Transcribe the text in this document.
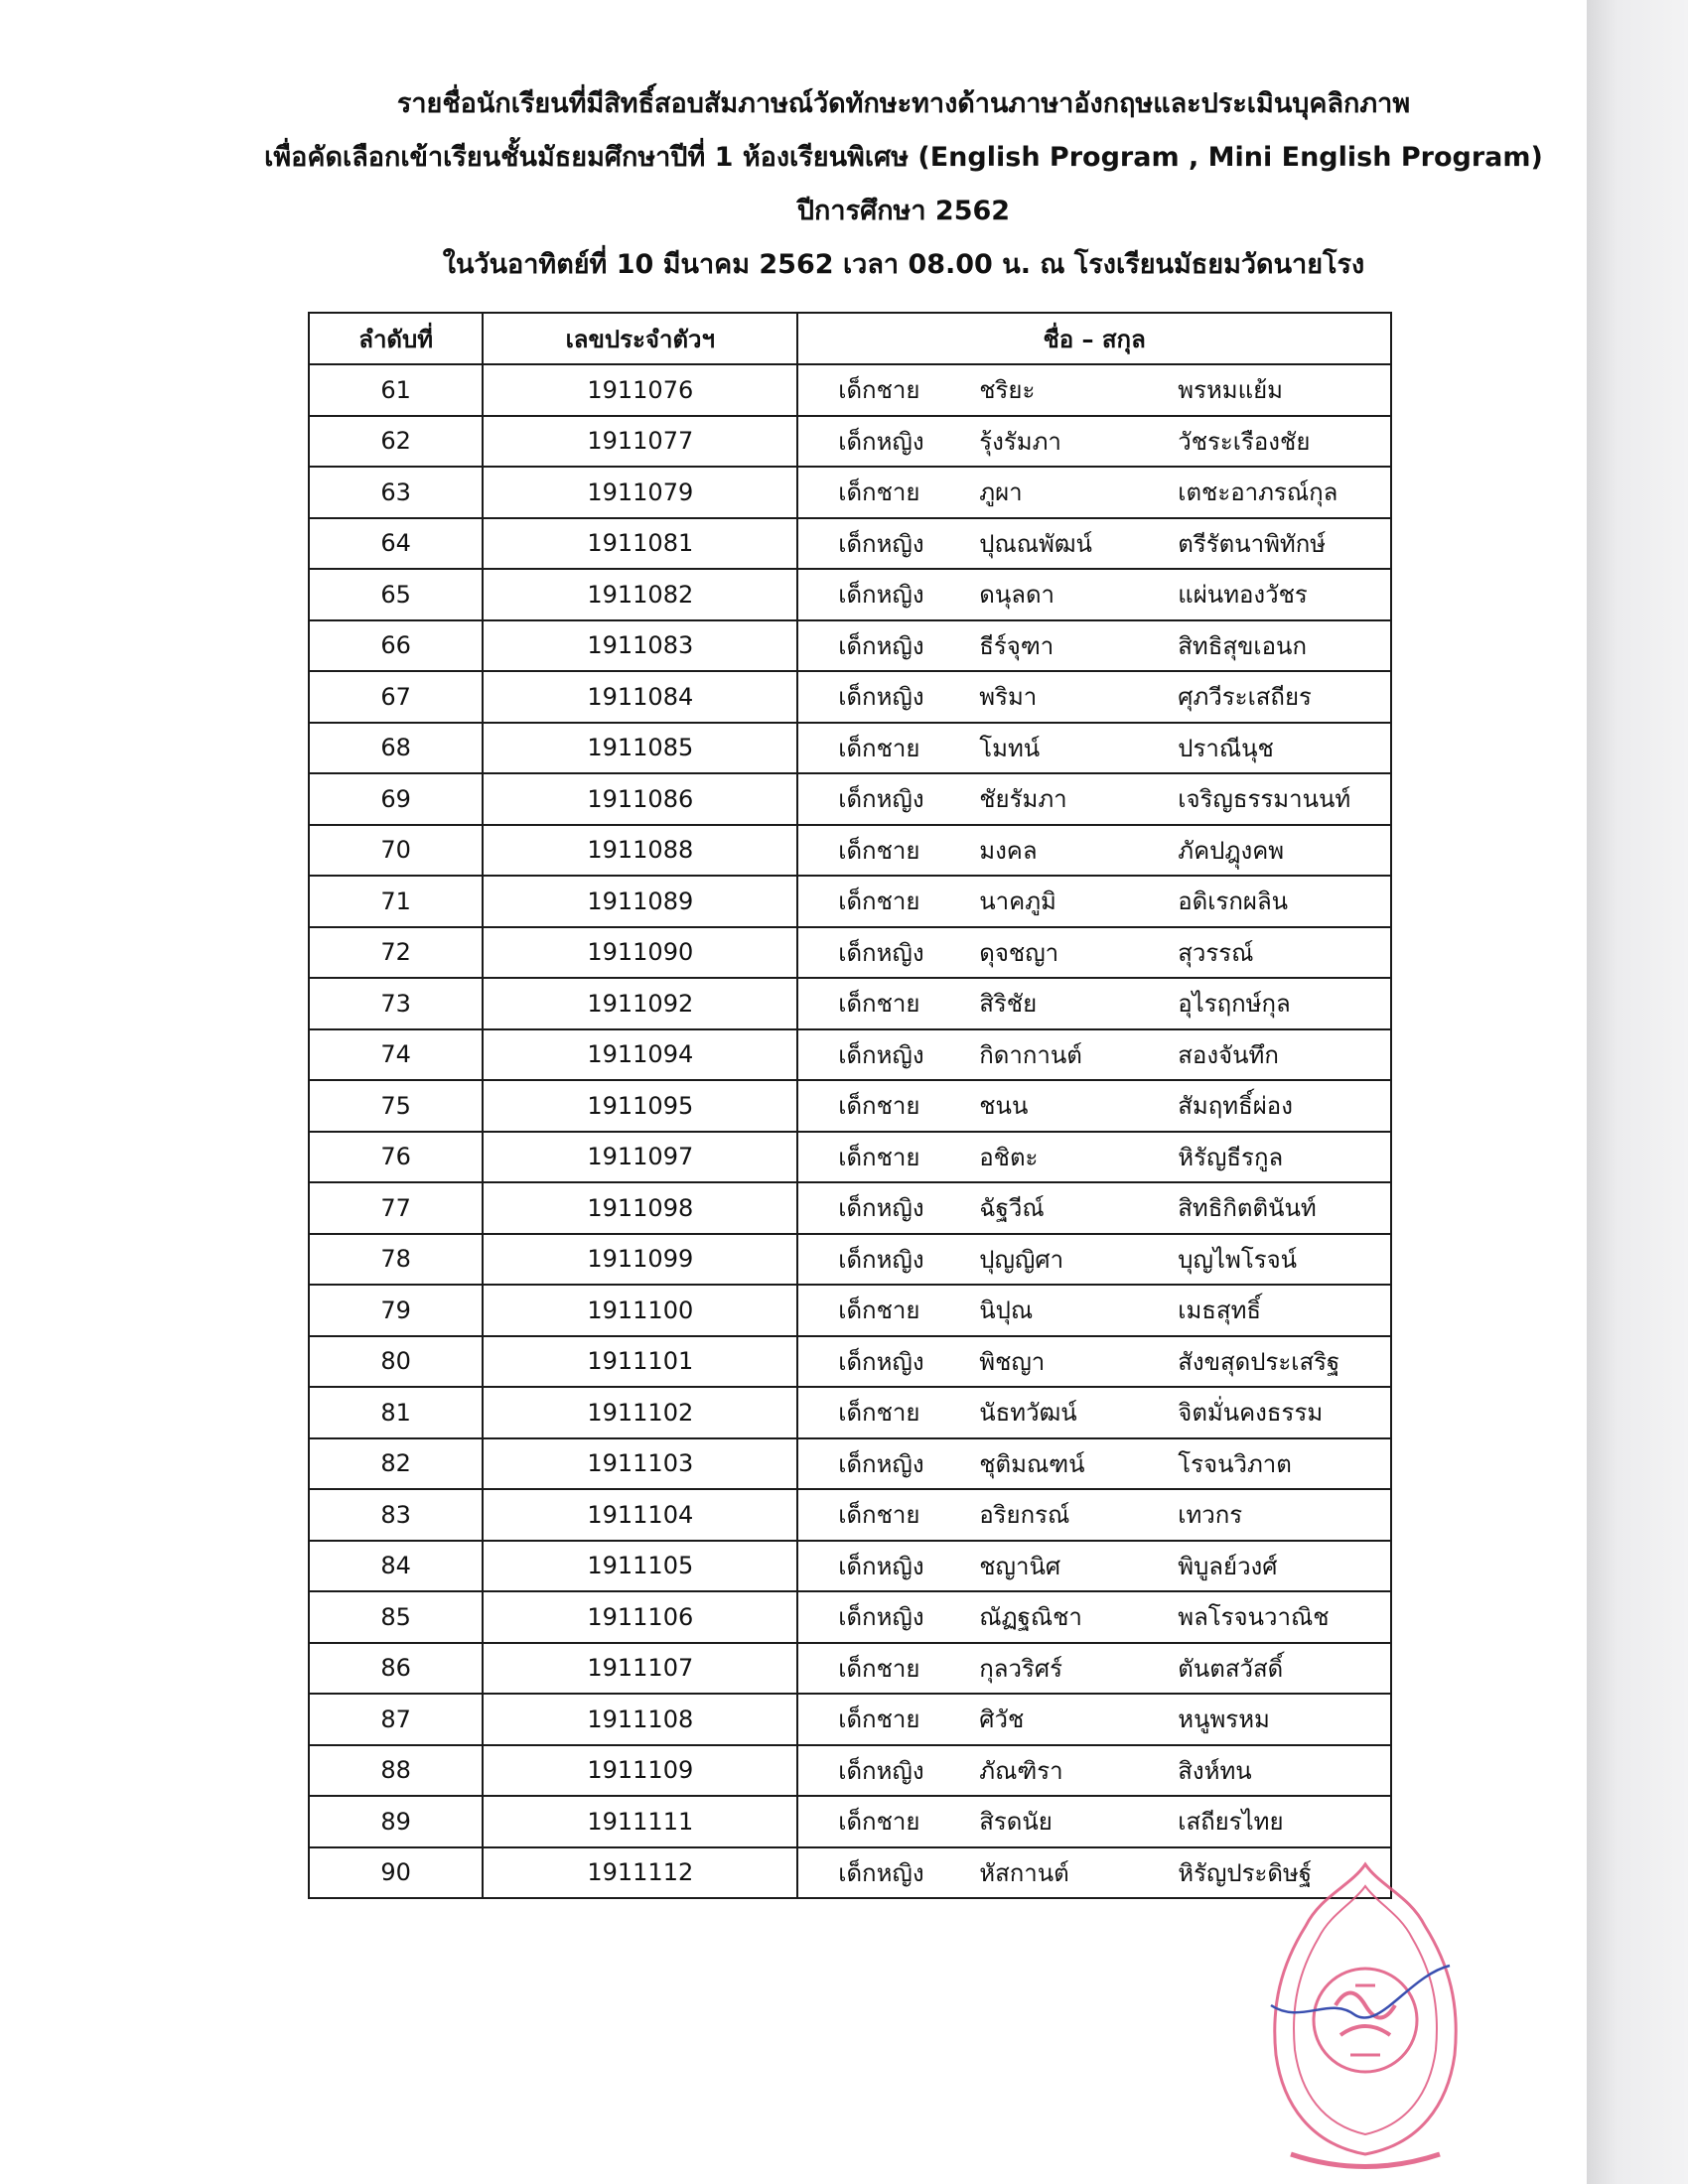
รายชื่อนักเรียนที่มีสิทธิ์สอบสัมภาษณ์วัดทักษะทางด้านภาษาอังกฤษและประเมินบุคลิกภาพ
เพื่อคัดเลือกเข้าเรียนชั้นมัธยมศึกษาปีที่ 1 ห้องเรียนพิเศษ (English Program , Mini English Program)
ปีการศึกษา 2562
ในวันอาทิตย์ที่ 10 มีนาคม 2562 เวลา 08.00 น. ณ โรงเรียนมัธยมวัดนายโรง
ลำดับที่	เลขประจำตัวฯ	ชื่อ – สกุล
61	1911076	เด็กชาย ชริยะ พรหมแย้ม
62	1911077	เด็กหญิง รุ้งรัมภา วัชระเรืองชัย
63	1911079	เด็กชาย ภูผา เตชะอาภรณ์กุล
64	1911081	เด็กหญิง ปุณณพัฒน์ ตรีรัตนาพิทักษ์
65	1911082	เด็กหญิง ดนุลดา แผ่นทองวัชร
66	1911083	เด็กหญิง ธีร์จุฑา สิทธิสุขเอนก
67	1911084	เด็กหญิง พริมา ศุภวีระเสถียร
68	1911085	เด็กชาย โมทน์ ปราณีนุช
69	1911086	เด็กหญิง ชัยรัมภา เจริญธรรมานนท์
70	1911088	เด็กชาย มงคล ภัคปฎุงคพ
71	1911089	เด็กชาย นาคภูมิ อดิเรกผลิน
72	1911090	เด็กหญิง ดุจชญา สุวรรณ์
73	1911092	เด็กชาย สิริชัย อุไรฤกษ์กุล
74	1911094	เด็กหญิง กิดากานต์ สองจันทึก
75	1911095	เด็กชาย ชนน สัมฤทธิ์ผ่อง
76	1911097	เด็กชาย อชิตะ หิรัญธีรกูล
77	1911098	เด็กหญิง ฉัฐวีณ์ สิทธิกิตตินันท์
78	1911099	เด็กหญิง ปุญญิศา บุญไพโรจน์
79	1911100	เด็กชาย นิปุณ เมธสุทธิ์
80	1911101	เด็กหญิง พิชญา สังขสุดประเสริฐ
81	1911102	เด็กชาย นัธทวัฒน์ จิตมั่นคงธรรม
82	1911103	เด็กหญิง ชุติมณฑน์ โรจนวิภาต
83	1911104	เด็กชาย อริยกรณ์ เทวกร
84	1911105	เด็กหญิง ชญานิศ พิบูลย์วงศ์
85	1911106	เด็กหญิง ณัฏฐณิชา พลโรจนวาณิช
86	1911107	เด็กชาย กุลวริศร์ ตันตสวัสดิ์
87	1911108	เด็กชาย ศิวัช หนูพรหม
88	1911109	เด็กหญิง ภัณฑิรา สิงห์ทน
89	1911111	เด็กชาย สิรดนัย เสถียรไทย
90	1911112	เด็กหญิง หัสกานต์ หิรัญประดิษฐ์
